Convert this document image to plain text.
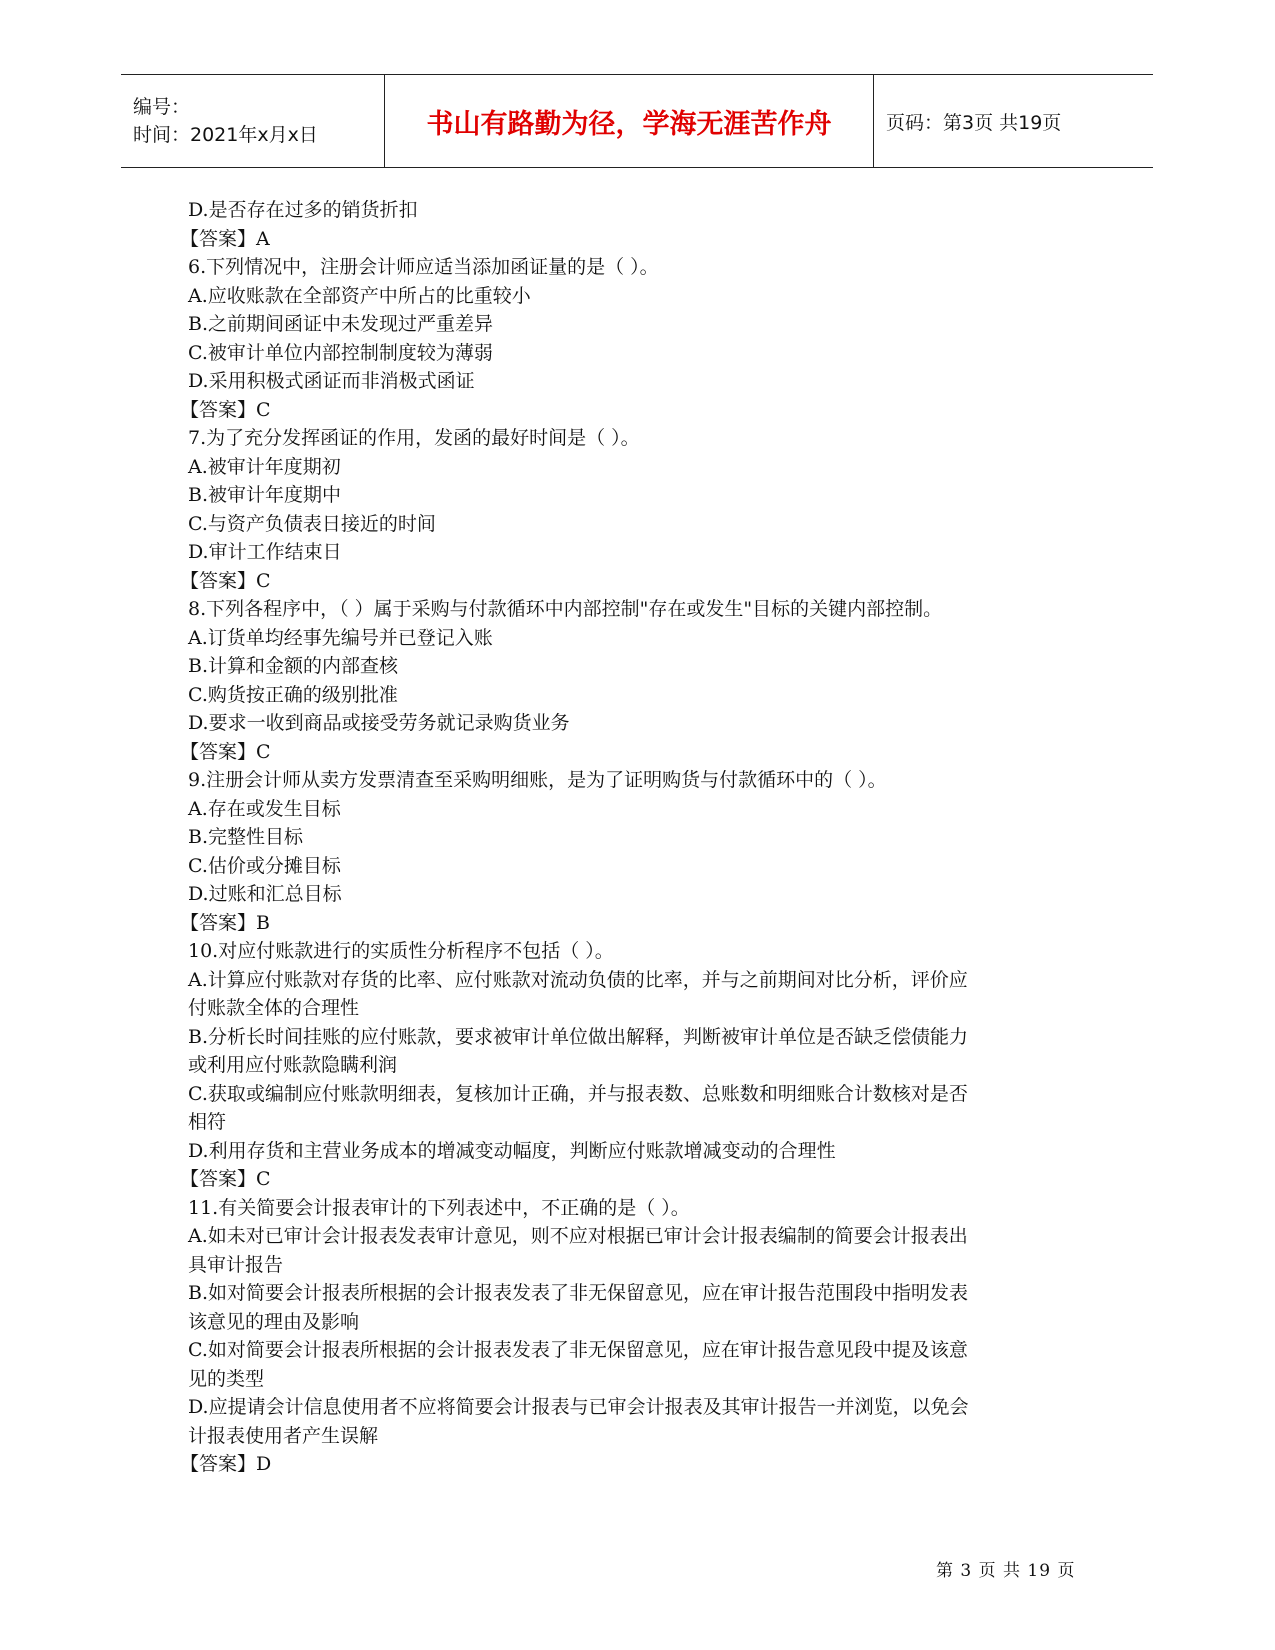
编号：
时间：2021年x月x日	书山有路勤为径，学海无涯苦作舟	页码：第3页 共19页
D.是否存在过多的销货折扣
【答案】A
6.下列情况中，注册会计师应适当添加函证量的是（ ）。
A.应收账款在全部资产中所占的比重较小
B.之前期间函证中未发现过严重差异
C.被审计单位内部控制制度较为薄弱
D.采用积极式函证而非消极式函证
【答案】C
7.为了充分发挥函证的作用，发函的最好时间是（ ）。
A.被审计年度期初
B.被审计年度期中
C.与资产负债表日接近的时间
D.审计工作结束日
【答案】C
8.下列各程序中，（ ）属于采购与付款循环中内部控制"存在或发生"目标的关键内部控制。
A.订货单均经事先编号并已登记入账
B.计算和金额的内部查核
C.购货按正确的级别批准
D.要求一收到商品或接受劳务就记录购货业务
【答案】C
9.注册会计师从卖方发票清查至采购明细账，是为了证明购货与付款循环中的（ ）。
A.存在或发生目标
B.完整性目标
C.估价或分摊目标
D.过账和汇总目标
【答案】B
10.对应付账款进行的实质性分析程序不包括（ ）。
A.计算应付账款对存货的比率、应付账款对流动负债的比率，并与之前期间对比分析，评价应
付账款全体的合理性
B.分析长时间挂账的应付账款，要求被审计单位做出解释，判断被审计单位是否缺乏偿债能力
或利用应付账款隐瞒利润
C.获取或编制应付账款明细表，复核加计正确，并与报表数、总账数和明细账合计数核对是否
相符
D.利用存货和主营业务成本的增减变动幅度，判断应付账款增减变动的合理性
【答案】C
11.有关简要会计报表审计的下列表述中，不正确的是（ ）。
A.如未对已审计会计报表发表审计意见，则不应对根据已审计会计报表编制的简要会计报表出
具审计报告
B.如对简要会计报表所根据的会计报表发表了非无保留意见，应在审计报告范围段中指明发表
该意见的理由及影响
C.如对简要会计报表所根据的会计报表发表了非无保留意见，应在审计报告意见段中提及该意
见的类型
D.应提请会计信息使用者不应将简要会计报表与已审会计报表及其审计报告一并浏览，以免会
计报表使用者产生误解
【答案】D
第 3 页 共 19 页
